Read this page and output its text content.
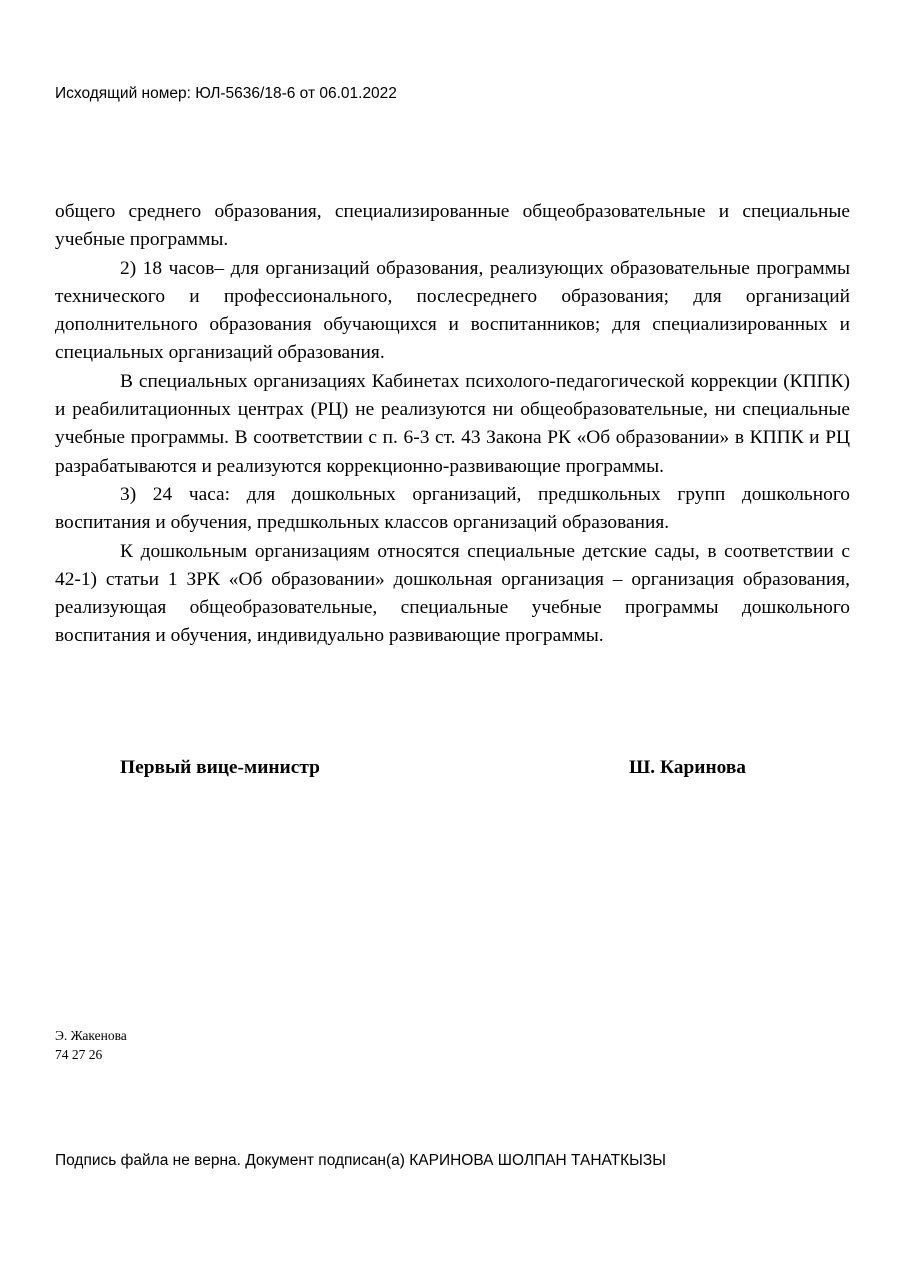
Исходящий номер: ЮЛ-5636/18-6 от 06.01.2022

общего среднего образования, специализированные общеобразовательные и специальные учебные программы.

2) 18 часов– для организаций образования, реализующих образовательные программы технического и профессионального, послесреднего образования; для организаций дополнительного образования обучающихся и воспитанников; для специализированных и специальных организаций образования.

В специальных организациях Кабинетах психолого-педагогической коррекции (КППК) и реабилитационных центрах (РЦ) не реализуются ни общеобразовательные, ни специальные учебные программы. В соответствии с п. 6-3 ст. 43 Закона РК «Об образовании» в КППК и РЦ разрабатываются и реализуются коррекционно-развивающие программы.

3) 24 часа: для дошкольных организаций, предшкольных групп дошкольного воспитания и обучения, предшкольных классов организаций образования.

К дошкольным организациям относятся специальные детские сады, в соответствии с 42-1) статьи 1 ЗРК «Об образовании» дошкольная организация – организация образования, реализующая общеобразовательные, специальные учебные программы дошкольного воспитания и обучения, индивидуально развивающие программы.

Первый вице-министр	Ш. Каринова
Э. Жакенова
74 27 26
Подпись файла не верна. Документ подписан(а) КАРИНОВА ШОЛПАН ТАНАТКЫЗЫ
